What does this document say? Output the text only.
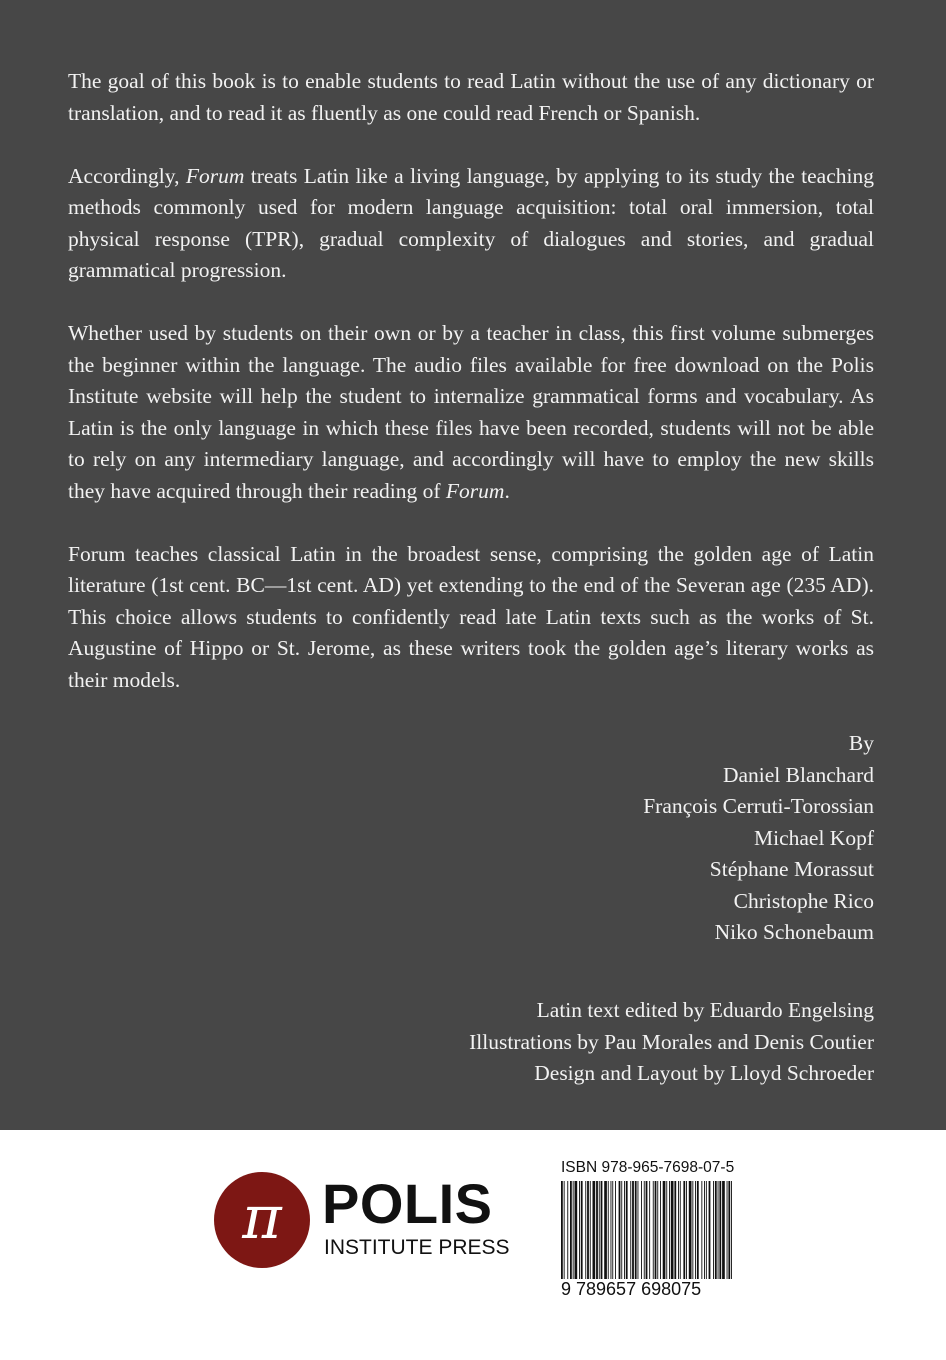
The goal of this book is to enable students to read Latin without the use of any dictionary or translation, and to read it as fluently as one could read French or Spanish.

Accordingly, Forum treats Latin like a living language, by applying to its study the teaching methods commonly used for modern language acquisition: total oral immersion, total physical response (TPR), gradual complexity of dialogues and stories, and gradual grammatical progression.

Whether used by students on their own or by a teacher in class, this first volume submerges the beginner within the language. The audio files available for free download on the Polis Institute website will help the student to internalize grammatical forms and vocabulary. As Latin is the only language in which these files have been recorded, students will not be able to rely on any intermediary language, and accordingly will have to employ the new skills they have acquired through their reading of Forum.

Forum teaches classical Latin in the broadest sense, comprising the golden age of Latin literature (1st cent. BC—1st cent. AD) yet extending to the end of the Severan age (235 AD). This choice allows students to confidently read late Latin texts such as the works of St. Augustine of Hippo or St. Jerome, as these writers took the golden age’s literary works as their models.

By
Daniel Blanchard
François Cerruti-Torossian
Michael Kopf
Stéphane Morassut
Christophe Rico
Niko Schonebaum
Latin text edited by Eduardo Engelsing
Illustrations by Pau Morales and Denis Coutier
Design and Layout by Lloyd Schroeder
π POLIS
INSTITUTE PRESS
ISBN 978-965-7698-07-5
9 789657 698075
